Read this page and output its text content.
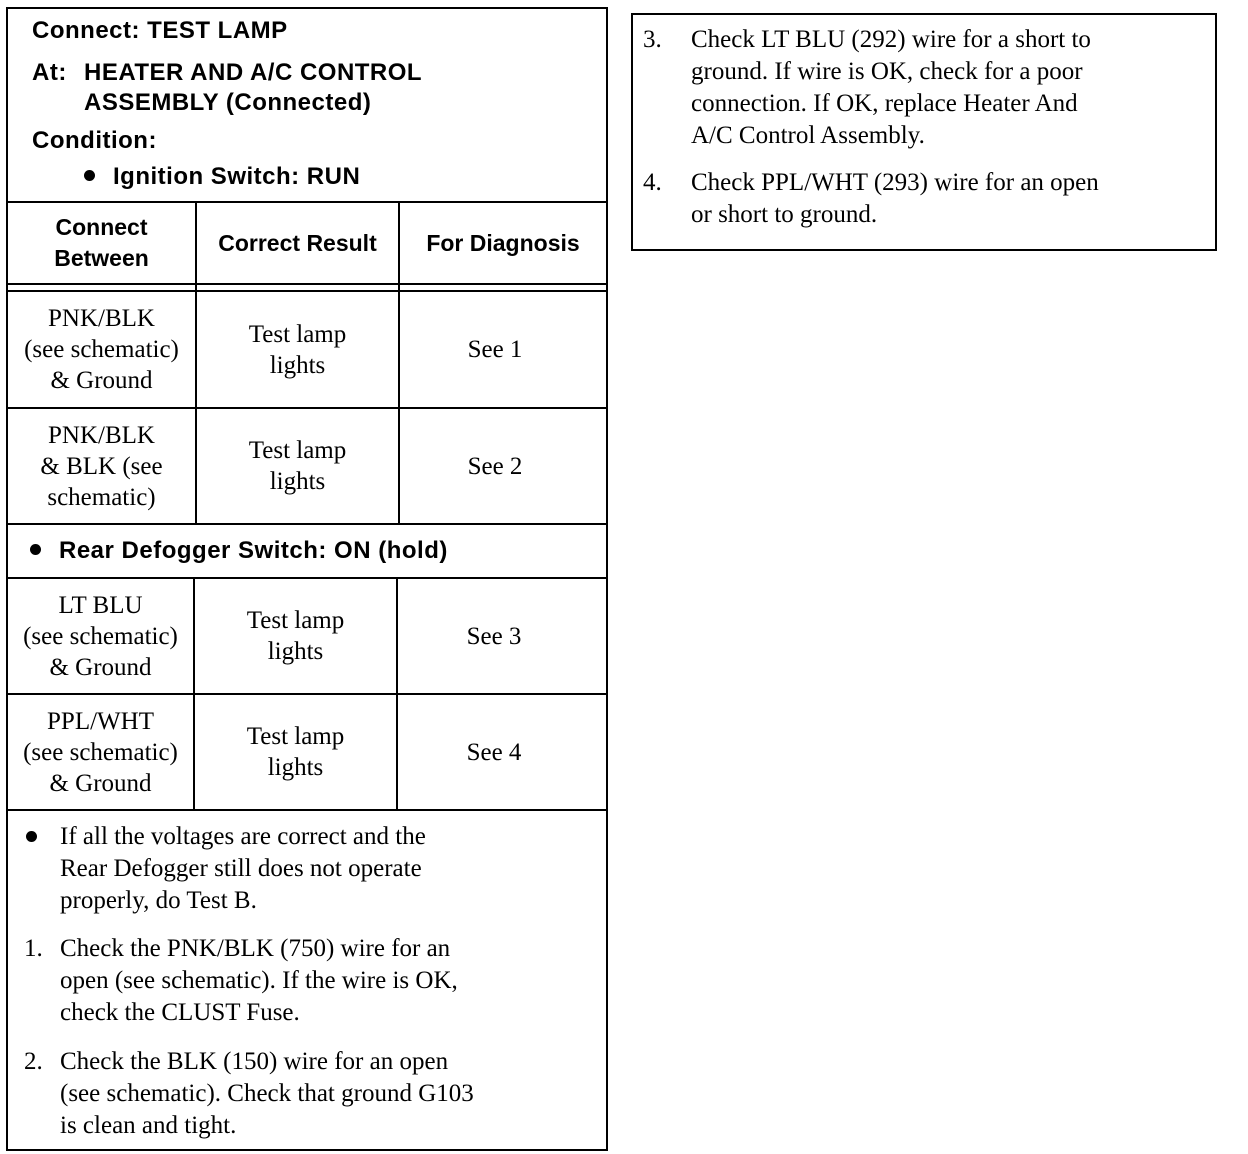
Connect: TEST LAMP
At: HEATER AND A/C CONTROL
ASSEMBLY (Connected)
Condition:
Ignition Switch: RUN
Connect
Between
Correct Result For Diagnosis
PNK/BLK
(see schematic)
& Ground
Test lamp
lights
See 1
PNK/BLK
& BLK (see
schematic)
Test lamp
lights
See 2
Rear Defogger Switch: ON (hold)
LT BLU
(see schematic)
& Ground
Test lamp
lights
See 3
PPL/WHT
(see schematic)
& Ground
Test lamp
lights
See 4
If all the voltages are correct and the
Rear Defogger still does not operate
properly, do Test B.
1. Check the PNK/BLK (750) wire for an
open (see schematic). If the wire is OK,
check the CLUST Fuse.
2. Check the BLK (150) wire for an open
(see schematic). Check that ground G103
is clean and tight.
3.	Check LT BLU (292) wire for a short to
ground. If wire is OK, check for a poor
connection. If OK, replace Heater And
A/C Control Assembly.
4.	Check PPL/WHT (293) wire for an open
or short to ground.
